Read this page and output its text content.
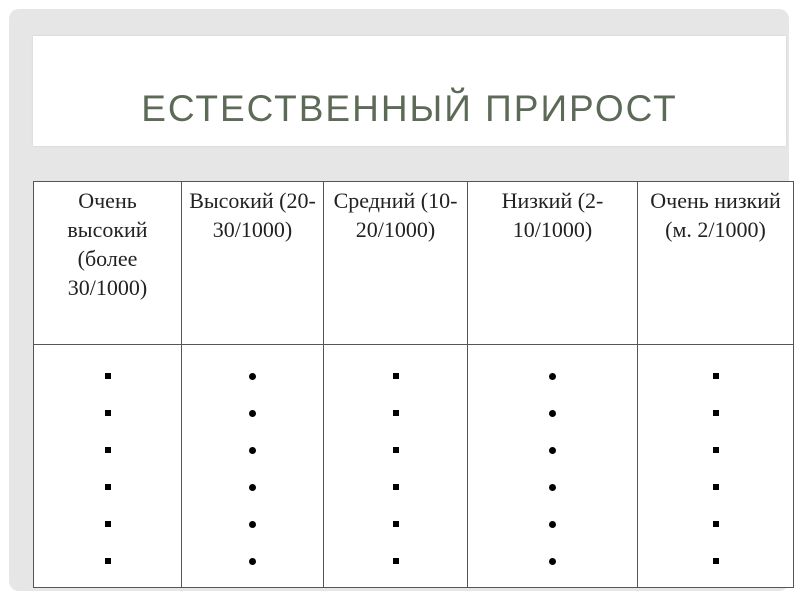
ЕСТЕСТВЕННЫЙ ПРИРОСТ
Очень высокий (более 30/1000)	Высокий (20-30/1000)	Средний (10-20/1000)	Низкий (2-10/1000)	Очень низкий (м. 2/1000)
